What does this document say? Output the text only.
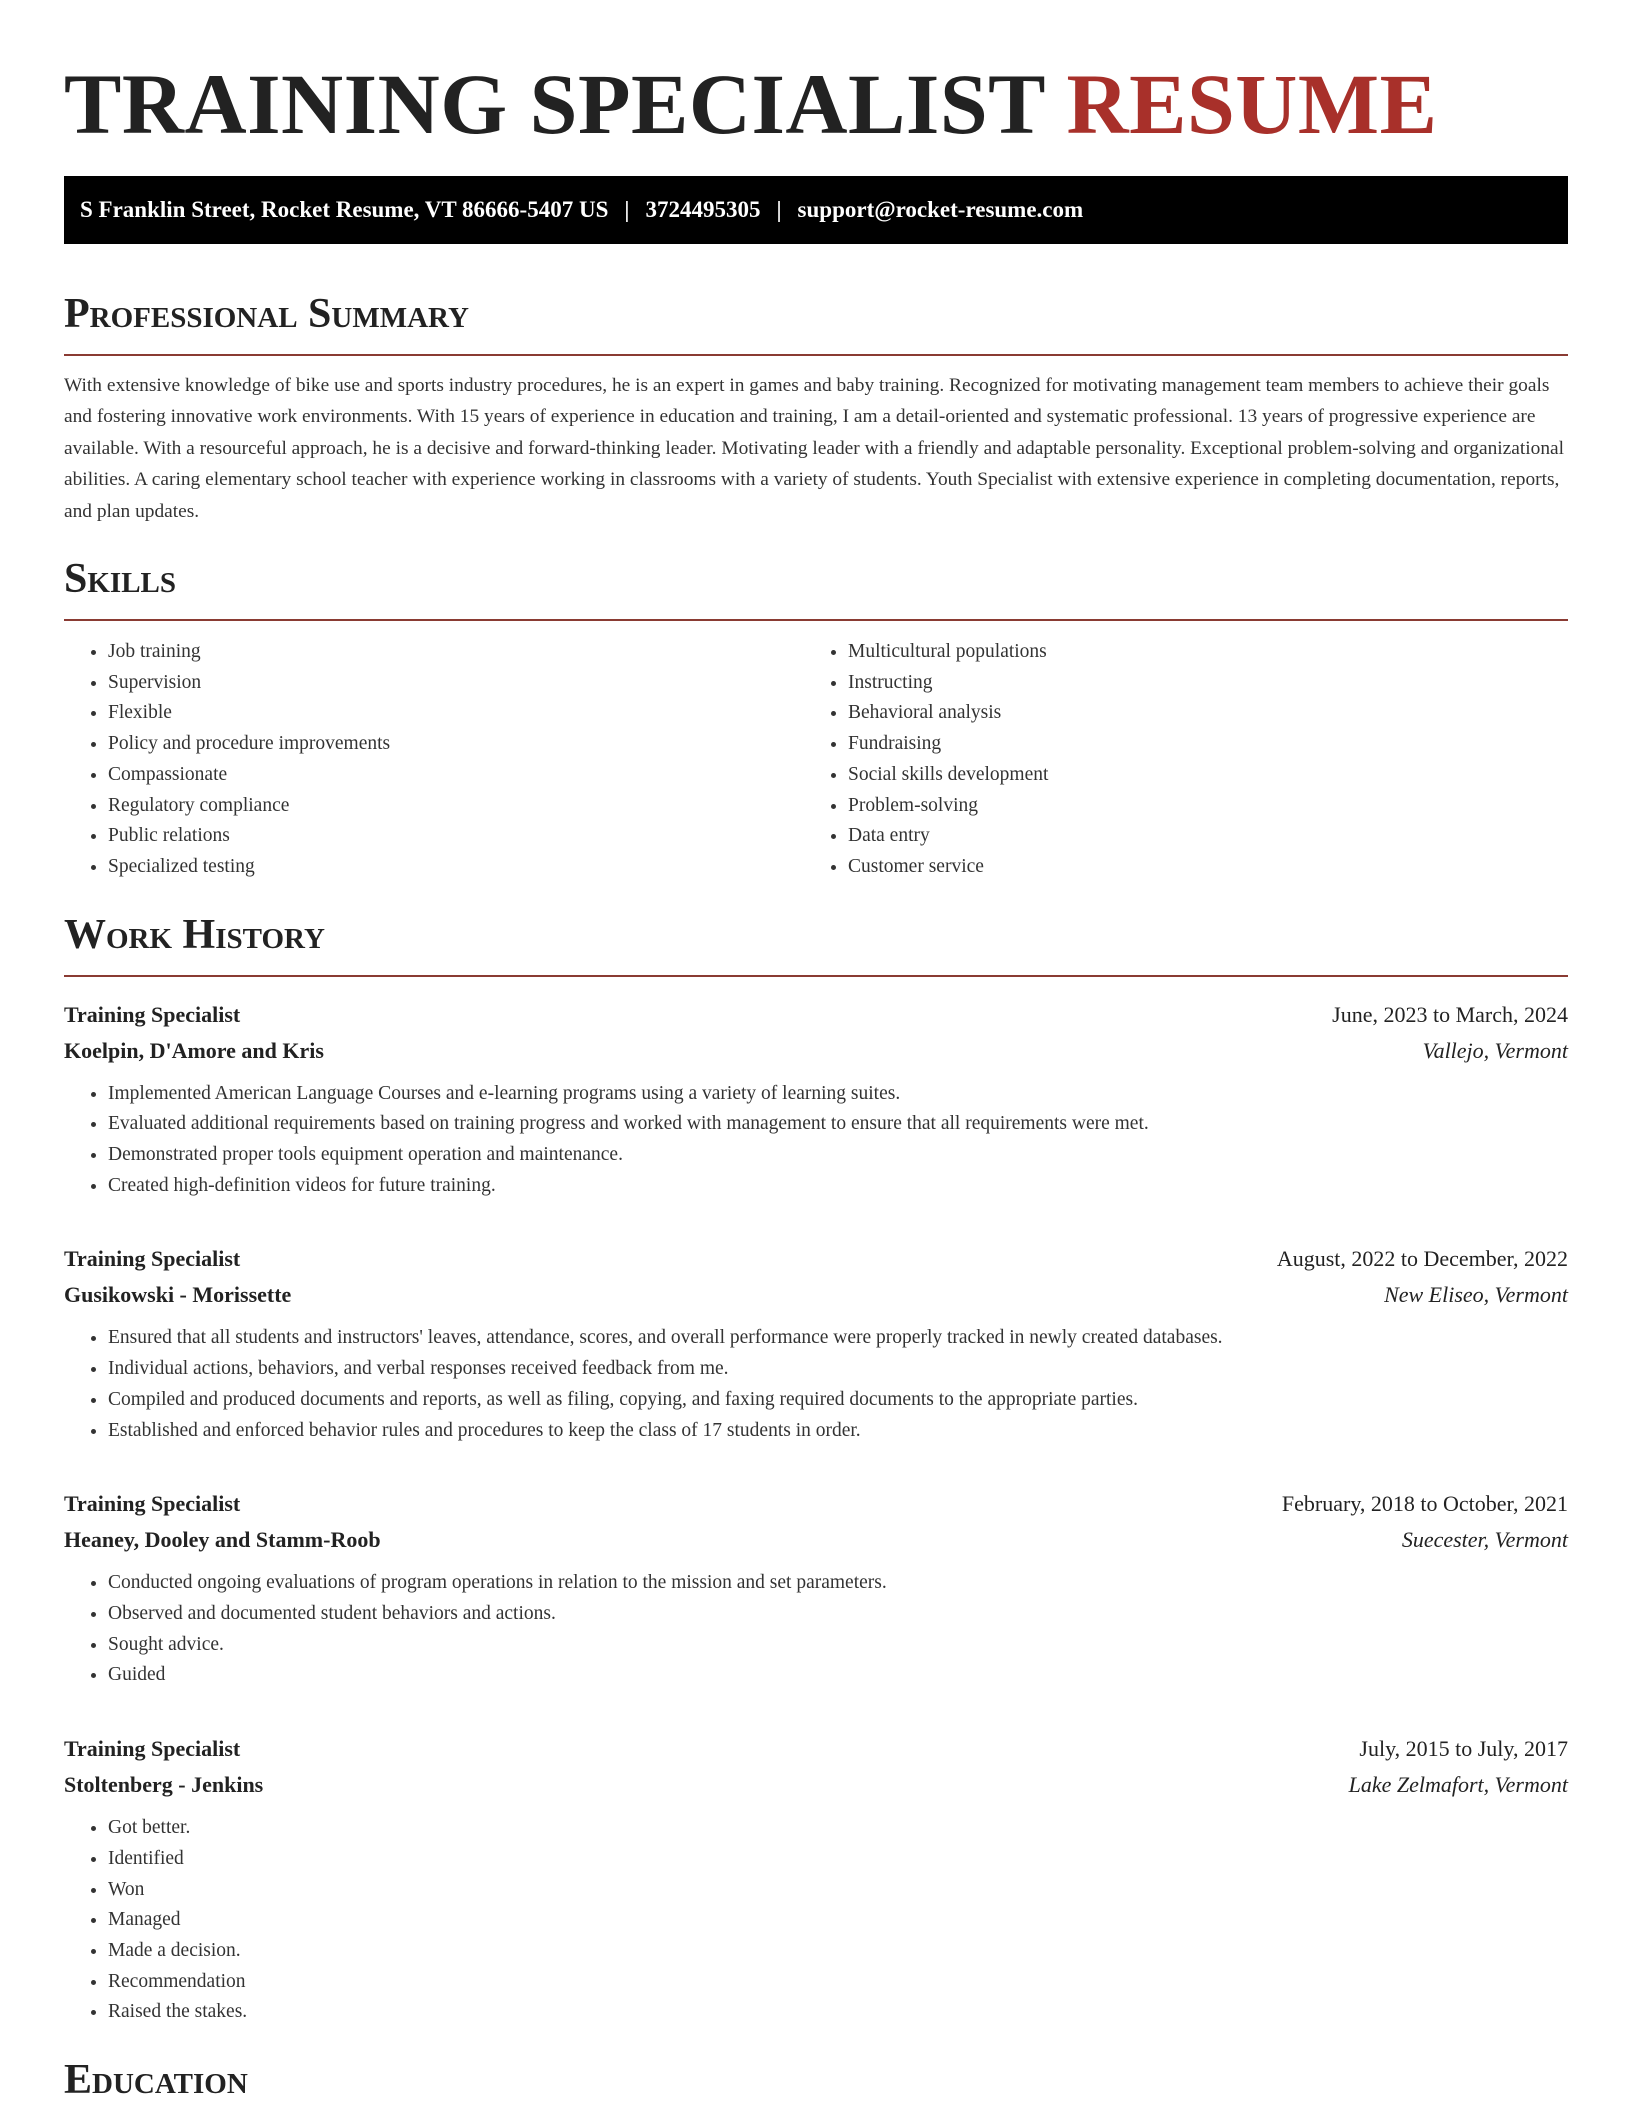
TRAINING SPECIALIST RESUME
S Franklin Street, Rocket Resume, VT 86666-5407 US | 3724495305 | support@rocket-resume.com
Professional Summary

With extensive knowledge of bike use and sports industry procedures, he is an expert in games and baby training. Recognized for motivating management team members to achieve their goals and fostering innovative work environments. With 15 years of experience in education and training, I am a detail-oriented and systematic professional. 13 years of progressive experience are available. With a resourceful approach, he is a decisive and forward-thinking leader. Motivating leader with a friendly and adaptable personality. Exceptional problem-solving and organizational abilities. A caring elementary school teacher with experience working in classrooms with a variety of students. Youth Specialist with extensive experience in completing documentation, reports, and plan updates.

Skills
• Job training
• Supervision
• Flexible
• Policy and procedure improvements
• Compassionate
• Regulatory compliance
• Public relations
• Specialized testing
• Multicultural populations
• Instructing
• Behavioral analysis
• Fundraising
• Social skills development
• Problem-solving
• Data entry
• Customer service
Work History
Training Specialist	June, 2023 to March, 2024
Koelpin, D'Amore and Kris	Vallejo, Vermont
• Implemented American Language Courses and e-learning programs using a variety of learning suites.
• Evaluated additional requirements based on training progress and worked with management to ensure that all requirements were met.
• Demonstrated proper tools equipment operation and maintenance.
• Created high-definition videos for future training.
Training Specialist	August, 2022 to December, 2022
Gusikowski - Morissette	New Eliseo, Vermont
• Ensured that all students and instructors' leaves, attendance, scores, and overall performance were properly tracked in newly created databases.
• Individual actions, behaviors, and verbal responses received feedback from me.
• Compiled and produced documents and reports, as well as filing, copying, and faxing required documents to the appropriate parties.
• Established and enforced behavior rules and procedures to keep the class of 17 students in order.
Training Specialist	February, 2018 to October, 2021
Heaney, Dooley and Stamm-Roob	Suecester, Vermont
• Conducted ongoing evaluations of program operations in relation to the mission and set parameters.
• Observed and documented student behaviors and actions.
• Sought advice.
• Guided
Training Specialist	July, 2015 to July, 2017
Stoltenberg - Jenkins	Lake Zelmafort, Vermont
• Got better.
• Identified
• Won
• Managed
• Made a decision.
• Recommendation
• Raised the stakes.
Education
